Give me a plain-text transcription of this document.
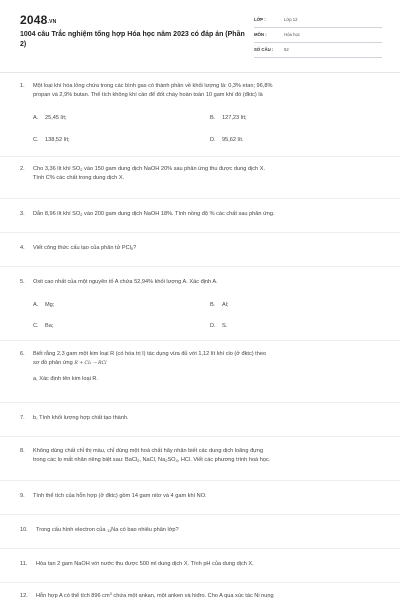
$2048^{.VN}$
1004 câu Trắc nghiệm tổng hợp Hóa học năm 2023 có đáp án (Phần 2)
LỚP :	Lớp 12
MÔN :	Hóa học
SỐ CÂU : 52
1. Một loại khí hóa lỏng chứa trong các bình gas có thành phần về khối lượng là: 0,3% etan; 96,8%
propan và 2,9% butan. Thể tích không khí cần để đốt cháy hoàn toàn 10 gam khí đó (đktc) là
A. 25,45 lít;	B. 127,23 lít;
C. 138,52 lít;	D. 95,62 lít.
2. Cho 3,36 lít khí $SO_2$ vào 150 gam dung dịch NaOH 20% sau phản ứng thu được dung dịch X.
Tính C% các chất trong dung dịch X.
3. Dẫn 8,96 lít khí $SO_2$ vào 200 gam dung dịch NaOH 18%. Tính nồng độ % các chất sau phản ứng.
4. Viết công thức cấu tạo của phân tử PCl$_5$?
5. Oxit cao nhất của một nguyên tố A chứa 52,94% khối lượng A. Xác định A.
A. Mg;	B. Al;
C. Ba;	D. S.
6. Biết rằng 2,3 gam một kim loại R (có hóa trị I) tác dụng vừa đủ với 1,12 lít khí clo (ở đktc) theo
sơ đồ phản ứng R + Cl₂ → RCl
a, Xác định tên kim loại R.
7. b, Tính khối lượng hợp chất tạo thành.
8. Không dùng chất chỉ thị màu, chỉ dùng một hoá chất hãy nhận biết các dung dịch loãng đựng
trong các lọ mất nhãn riêng biệt sau: BaCl$_2$, NaCl, $Na_2SO_4$, HCl. Viết các phương trình hoá học.
9. Tính thể tích của hỗn hợp (ở đktc) gồm 14 gam nitơ và 4 gam khí NO.
10. Trong cấu hình electron của $_{11}$Na có bao nhiêu phân lớp?
11. Hòa tan 2 gam NaOH với nước thu được 500 ml dung dịch X. Tính pH của dung dịch X.
12. Hỗn hợp A có thể tích 896 $cm^3$ chứa một ankan, một anken và hiđro. Cho A qua xúc tác Ni nung
